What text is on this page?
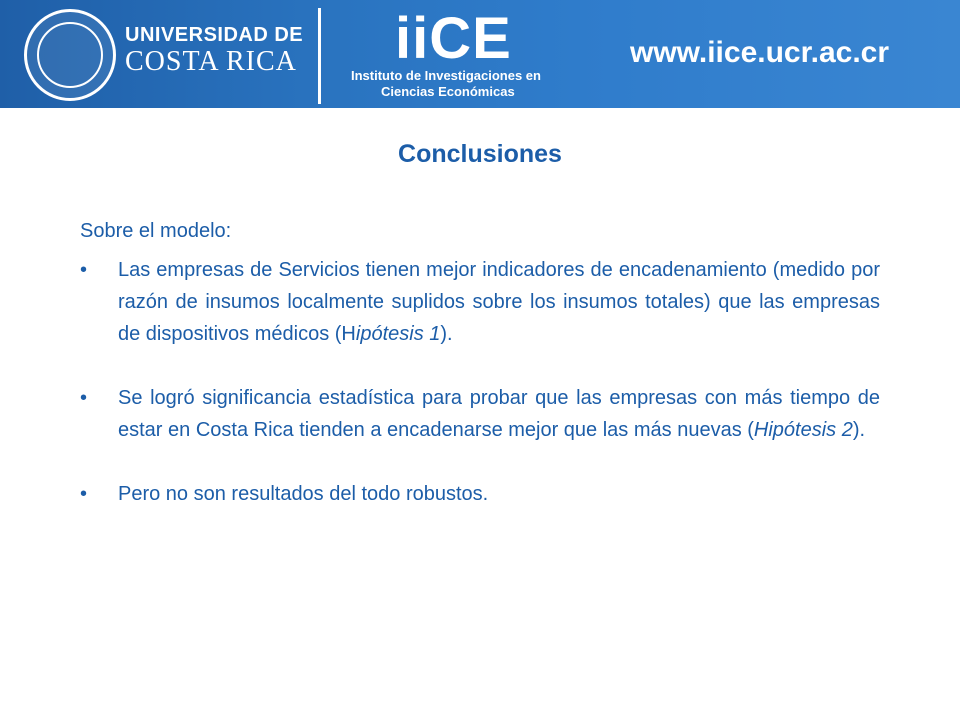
UNIVERSIDAD DE
COSTA RICA iiCE
Instituto de Investigaciones en
Ciencias Económicas
www.iice.ucr.ac.cr
Conclusiones
Sobre el modelo:
•	Las empresas de Servicios tienen mejor indicadores de encadenamiento (medido por razón de insumos localmente suplidos sobre los insumos totales) que las empresas de dispositivos médicos (Hipótesis 1).
•	Se logró significancia estadística para probar que las empresas con más tiempo de estar en Costa Rica tienden a encadenarse mejor que las más nuevas (Hipótesis 2).
•	Pero no son resultados del todo robustos.
